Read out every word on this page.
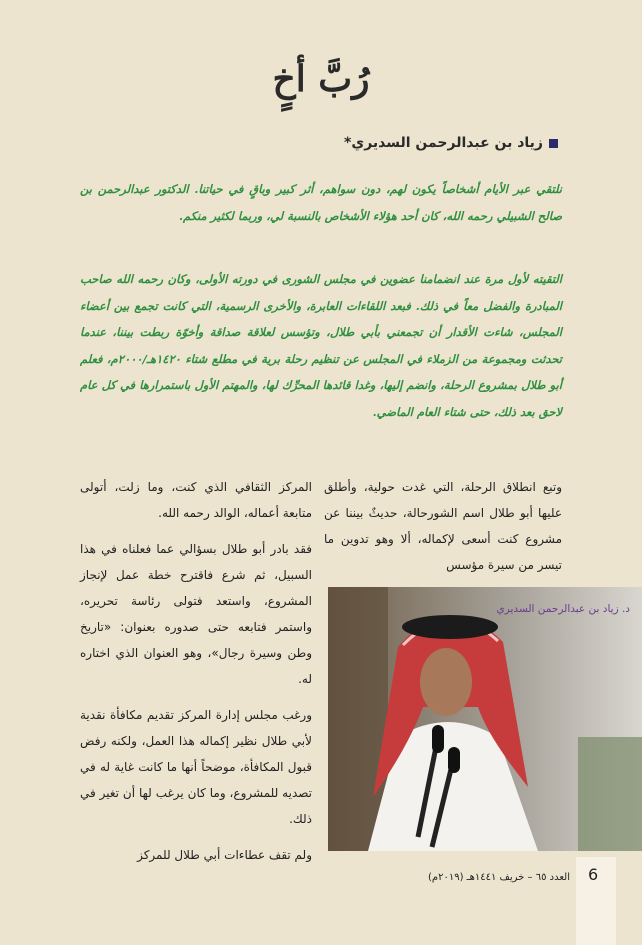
رُبَّ أخٍ
زياد بن عبدالرحمن السديري*
نلتقي عبر الأيام أشخاصاً يكون لهم، دون سواهم، أثر كبير وباقٍ في حياتنا. الدكتور عبدالرحمن بن صالح الشبيلي رحمه الله، كان أحد هؤلاء الأشخاص بالنسبة لي، وربما لكثير منكم.
التقيته لأول مرة عند انضمامنا عضوين في مجلس الشورى في دورته الأولى، وكان رحمه الله صاحب المبادرة والفضل معاً في ذلك. فبعد اللقاءات العابرة، والأخرى الرسمية، التي كانت تجمع بين أعضاء المجلس، شاءت الأقدار أن تجمعني بأبي طلال، وتؤسس لعلاقة صداقة وأخوّة ربطت بيننا، عندما تحدثت ومجموعة من الزملاء في المجلس عن تنظيم رحلة برية في مطلع شتاء ١٤٢٠هـ/٢٠٠٠م، فعلم أبو طلال بمشروع الرحلة، وانضم إليها، وغدا قائدها المحرِّك لها، والمهتم الأول باستمرارها في كل عام لاحق بعد ذلك، حتى شتاء العام الماضي.

وتبع انطلاق الرحلة، التي غدت حولية، وأطلق عليها أبو طلال اسم الشورحالة، حديثٌ بيننا عن مشروع كنت أسعى لإكماله، ألا وهو تدوين ما تيسر من سيرة مؤسس

المركز الثقافي الذي كنت، وما زلت، أتولى متابعة أعماله، الوالد رحمه الله.

فقد بادر أبو طلال بسؤالي عما فعلناه في هذا السبيل، ثم شرع فاقترح خطة عمل لإنجاز المشروع، واستعد فتولى رئاسة تحريره، واستمر فتابعه حتى صدوره بعنوان: «تاريخ وطن وسيرة رجال»، وهو العنوان الذي اختاره له.

ورغب مجلس إدارة المركز تقديم مكافأة نقدية لأبي طلال نظير إكماله هذا العمل، ولكنه رفض قبول المكافأة، موضحاً أنها ما كانت غاية له في تصديه للمشروع، وما كان يرغب لها أن تغير في ذلك.

ولم تقف عطاءات أبي طلال للمركز

د. زياد بن عبدالرحمن السديري
6
العدد ٦٥ – خريف ١٤٤١هـ (٢٠١٩م)
